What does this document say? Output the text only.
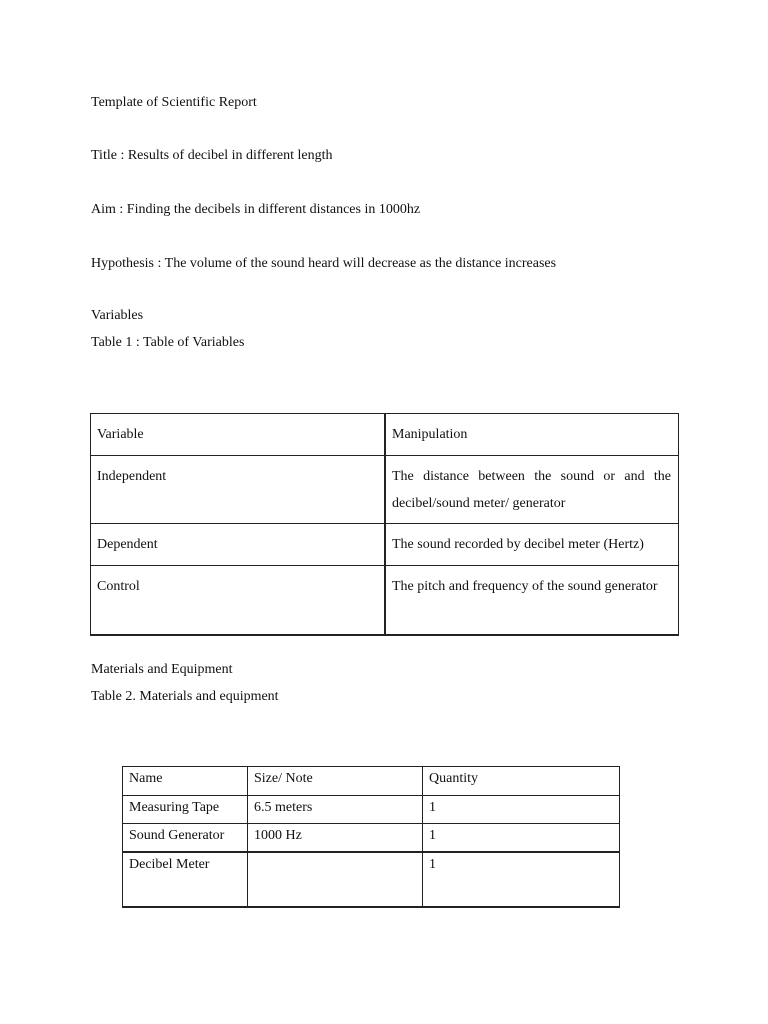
Template of Scientific Report
Title : Results of decibel in different length
Aim : Finding the decibels in different distances in 1000hz
Hypothesis : The volume of the sound heard will decrease as the distance increases
Variables
Table 1 : Table of Variables
Variable	Manipulation
Independent	The distance between the sound or and the decibel/sound meter/ generator
Dependent	The sound recorded by decibel meter (Hertz)
Control	The pitch and frequency of the sound generator
Materials and Equipment
Table 2. Materials and equipment
Name	Size/ Note	Quantity
Measuring Tape	6.5 meters	1
Sound Generator	1000 Hz	1
Decibel Meter		1
